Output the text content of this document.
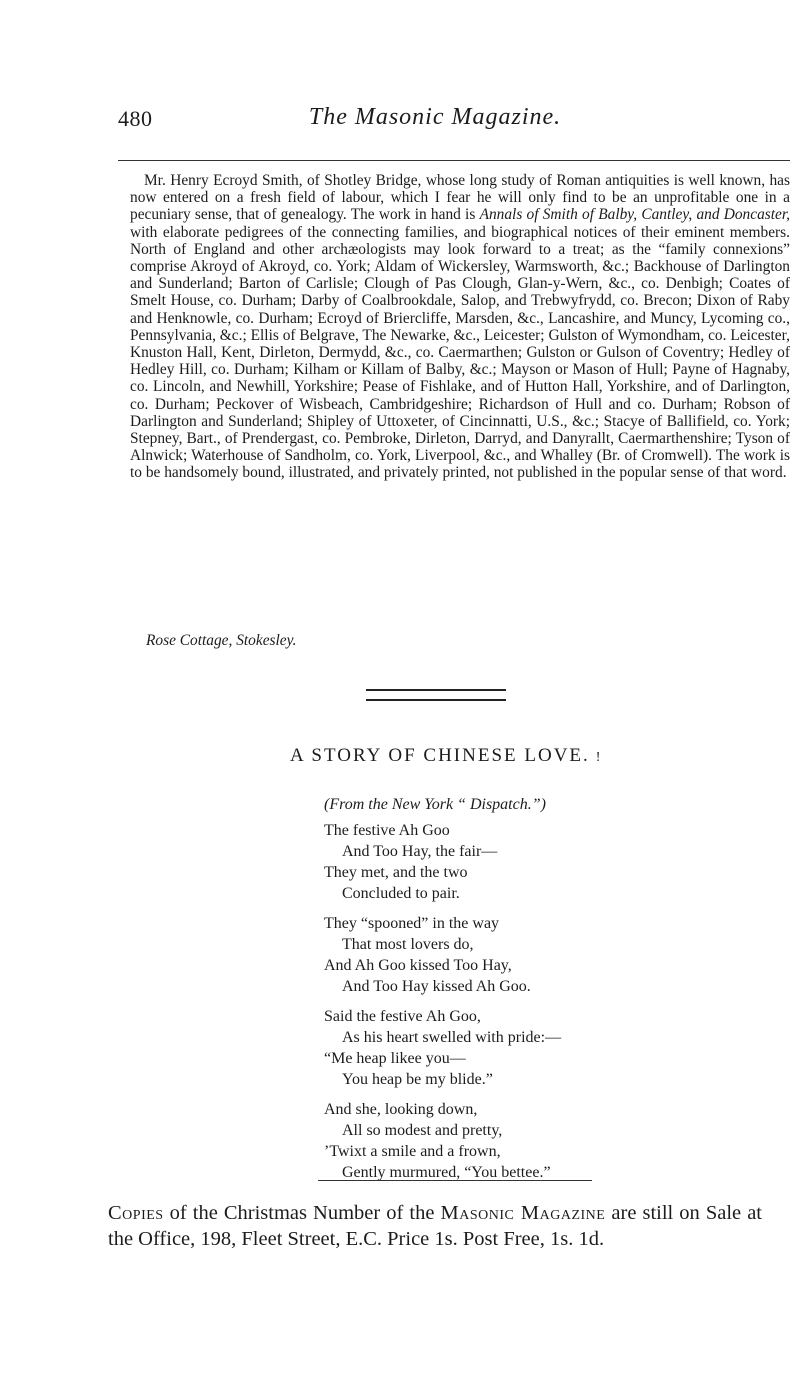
480	The Masonic Magazine.

Mr. Henry Ecroyd Smith, of Shotley Bridge, whose long study of Roman antiquities is well known, has now entered on a fresh field of labour, which I fear he will only find to be an unprofitable one in a pecuniary sense, that of genealogy. The work in hand is Annals of Smith of Balby, Cantley, and Doncaster, with elaborate pedigrees of the connecting families, and biographical notices of their eminent members. North of England and other archæologists may look forward to a treat; as the “family connexions” comprise Akroyd of Akroyd, co. York; Aldam of Wickersley, Warmsworth, &c.; Backhouse of Darlington and Sunderland; Barton of Carlisle; Clough of Pas Clough, Glan-y-Wern, &c., co. Denbigh; Coates of Smelt House, co. Durham; Darby of Coalbrookdale, Salop, and Trebwyfrydd, co. Brecon; Dixon of Raby and Henknowle, co. Durham; Ecroyd of Briercliffe, Marsden, &c., Lancashire, and Muncy, Lycoming co., Pennsylvania, &c.; Ellis of Belgrave, The Newarke, &c., Leicester; Gulston of Wymondham, co. Leicester, Knuston Hall, Kent, Dirleton, Dermydd, &c., co. Caermarthen; Gulston or Gulson of Coventry; Hedley of Hedley Hill, co. Durham; Kilham or Killam of Balby, &c.; Mayson or Mason of Hull; Payne of Hagnaby, co. Lincoln, and Newhill, Yorkshire; Pease of Fishlake, and of Hutton Hall, Yorkshire, and of Darlington, co. Durham; Peckover of Wisbeach, Cambridgeshire; Richardson of Hull and co. Durham; Robson of Darlington and Sunderland; Shipley of Uttoxeter, of Cincinnatti, U.S., &c.; Stacye of Ballifield, co. York; Stepney, Bart., of Prendergast, co. Pembroke, Dirleton, Darryd, and Danyrallt, Caermarthenshire; Tyson of Alnwick; Waterhouse of Sandholm, co. York, Liverpool, &c., and Whalley (Br. of Cromwell). The work is to be handsomely bound, illustrated, and privately printed, not published in the popular sense of that word.

Rose Cottage, Stokesley.
A STORY OF CHINESE LOVE. !
(From the New York “ Dispatch.”)
The festive Ah Goo
And Too Hay, the fair—
They met, and the two
Concluded to pair.
They “spooned” in the way
That most lovers do,
And Ah Goo kissed Too Hay,
And Too Hay kissed Ah Goo.
Said the festive Ah Goo,
As his heart swelled with pride:—
“Me heap likee you—
You heap be my blide.”
And she, looking down,
All so modest and pretty,
’Twixt a smile and a frown,
Gently murmured, “You bettee.”
Copies of the Christmas Number of the Masonic Magazine are still on Sale at the Office, 198, Fleet Street, E.C. Price 1s. Post Free, 1s. 1d.
